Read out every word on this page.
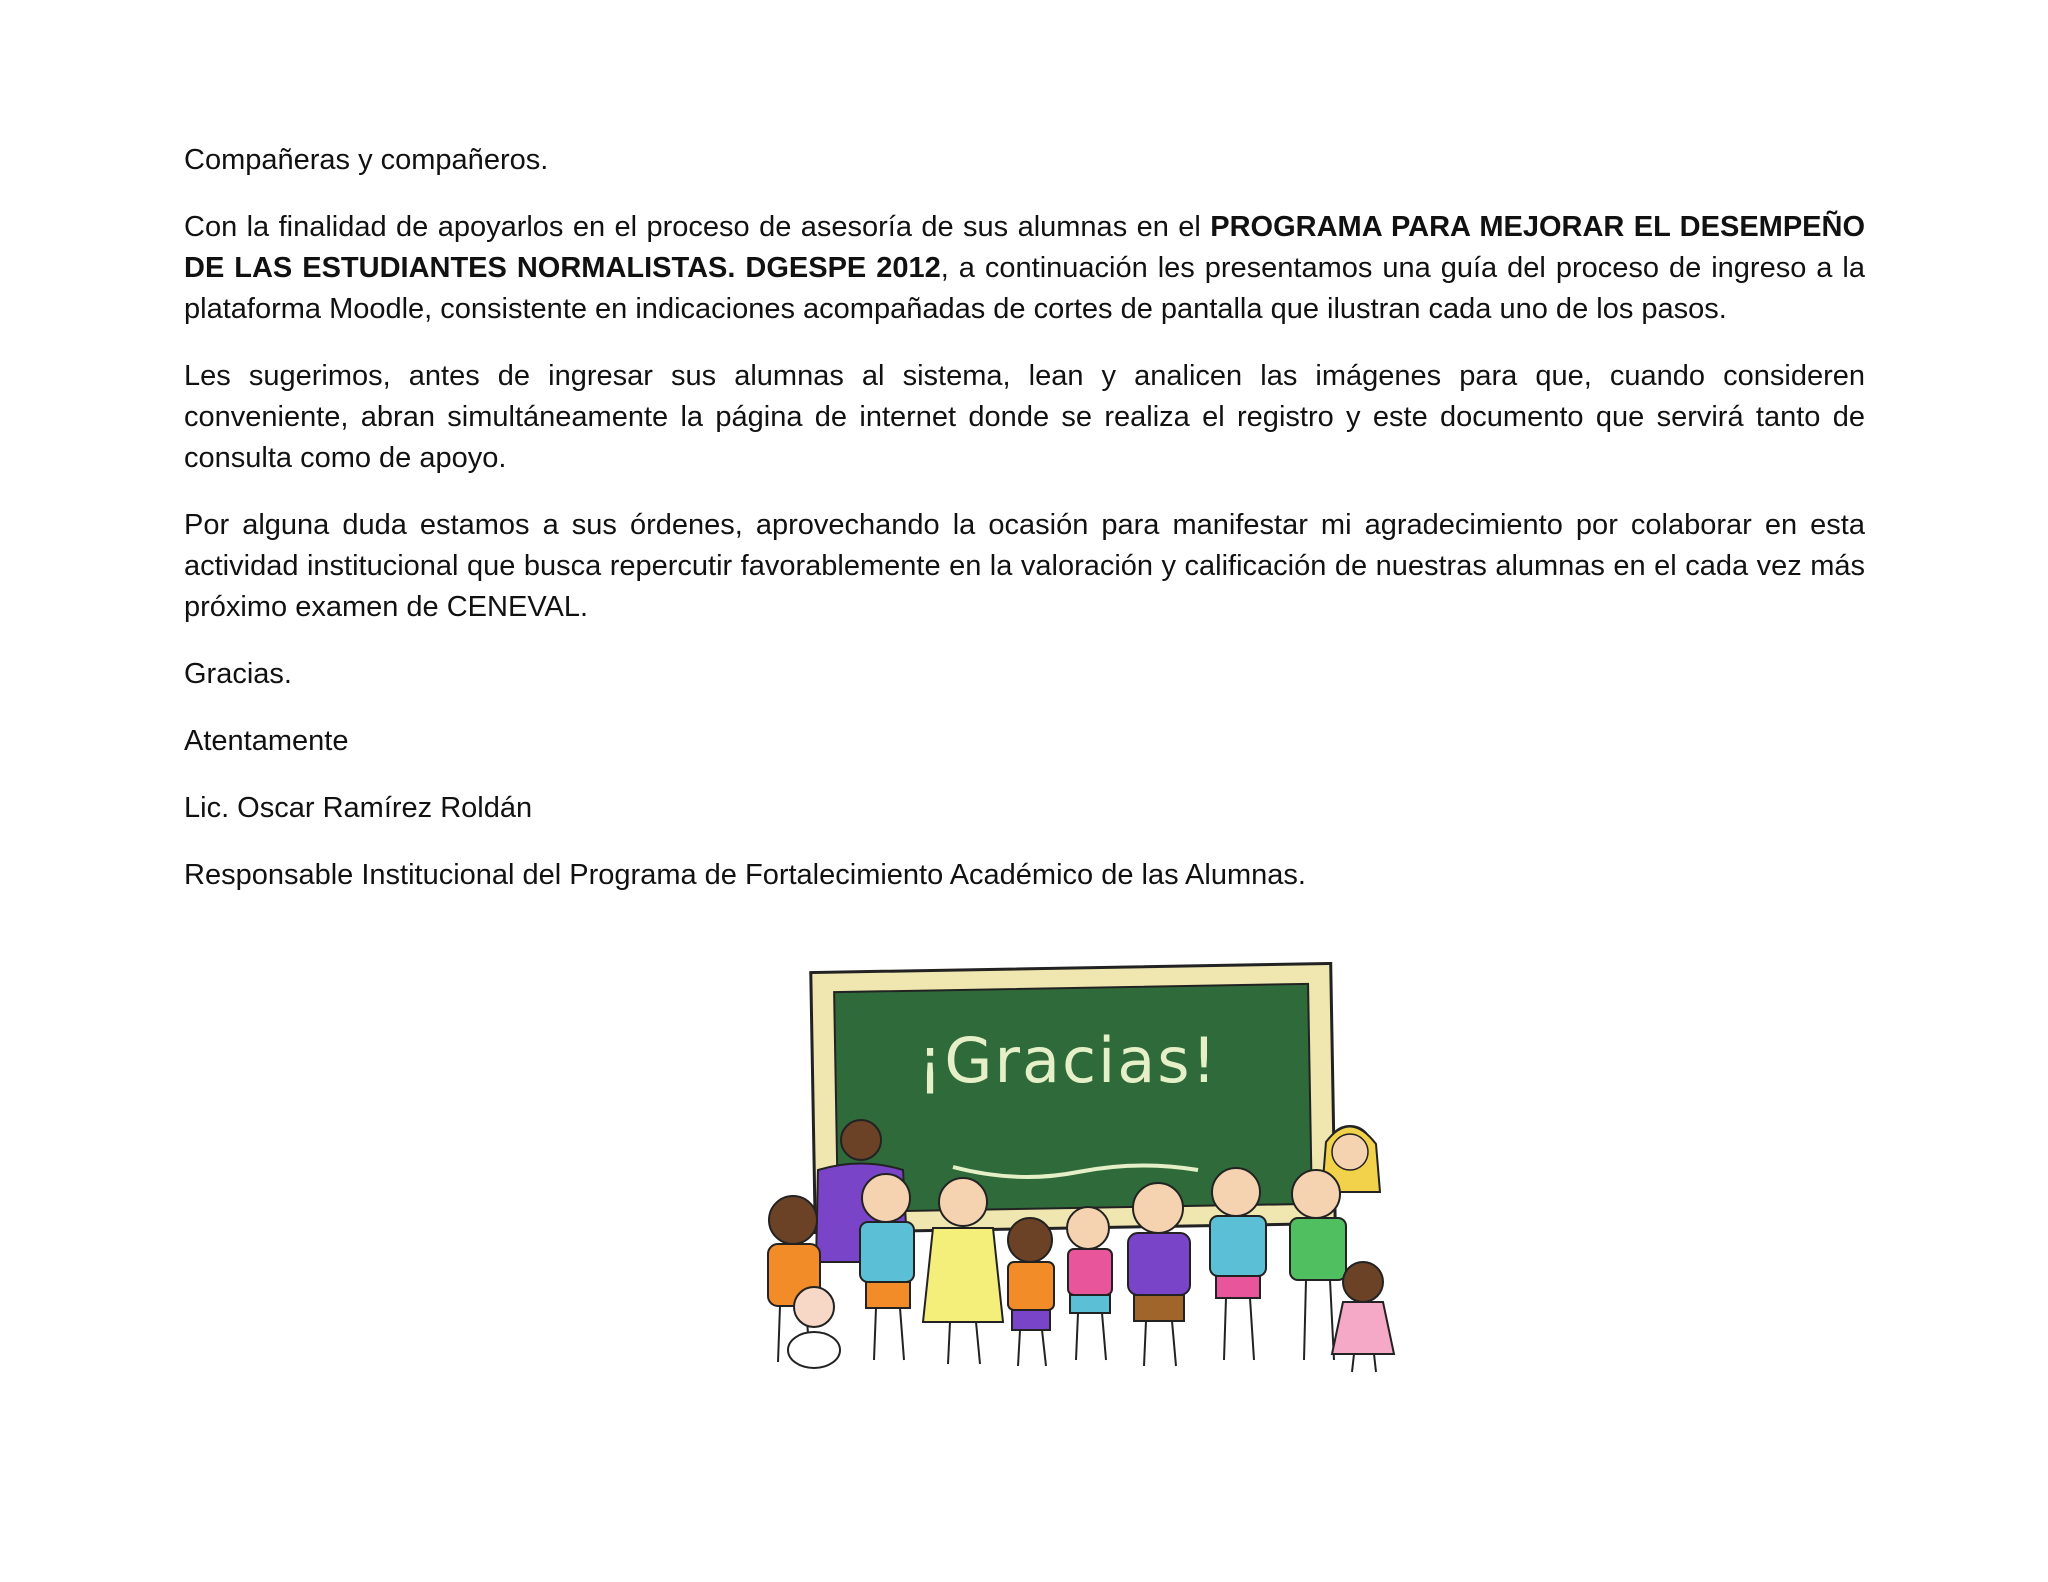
Compañeras y compañeros.

Con la finalidad de apoyarlos en el proceso de asesoría de sus alumnas en el PROGRAMA PARA MEJORAR EL DESEMPEÑO DE LAS ESTUDIANTES NORMALISTAS. DGESPE 2012, a continuación les presentamos una guía del proceso de ingreso a la plataforma Moodle, consistente en indicaciones acompañadas de cortes de pantalla que ilustran cada uno de los pasos.

Les sugerimos, antes de ingresar sus alumnas al sistema, lean y analicen las imágenes para que, cuando consideren conveniente, abran simultáneamente la página de internet donde se realiza el registro y este documento que servirá tanto de consulta como de apoyo.

Por alguna duda estamos a sus órdenes, aprovechando la ocasión para manifestar mi agradecimiento por colaborar en esta actividad institucional que busca repercutir favorablemente en la valoración y calificación de nuestras alumnas en el cada vez más próximo examen de CENEVAL.

Gracias.

Atentamente

Lic. Oscar Ramírez Roldán

Responsable Institucional del Programa de Fortalecimiento Académico de las Alumnas.

¡Gracias!
